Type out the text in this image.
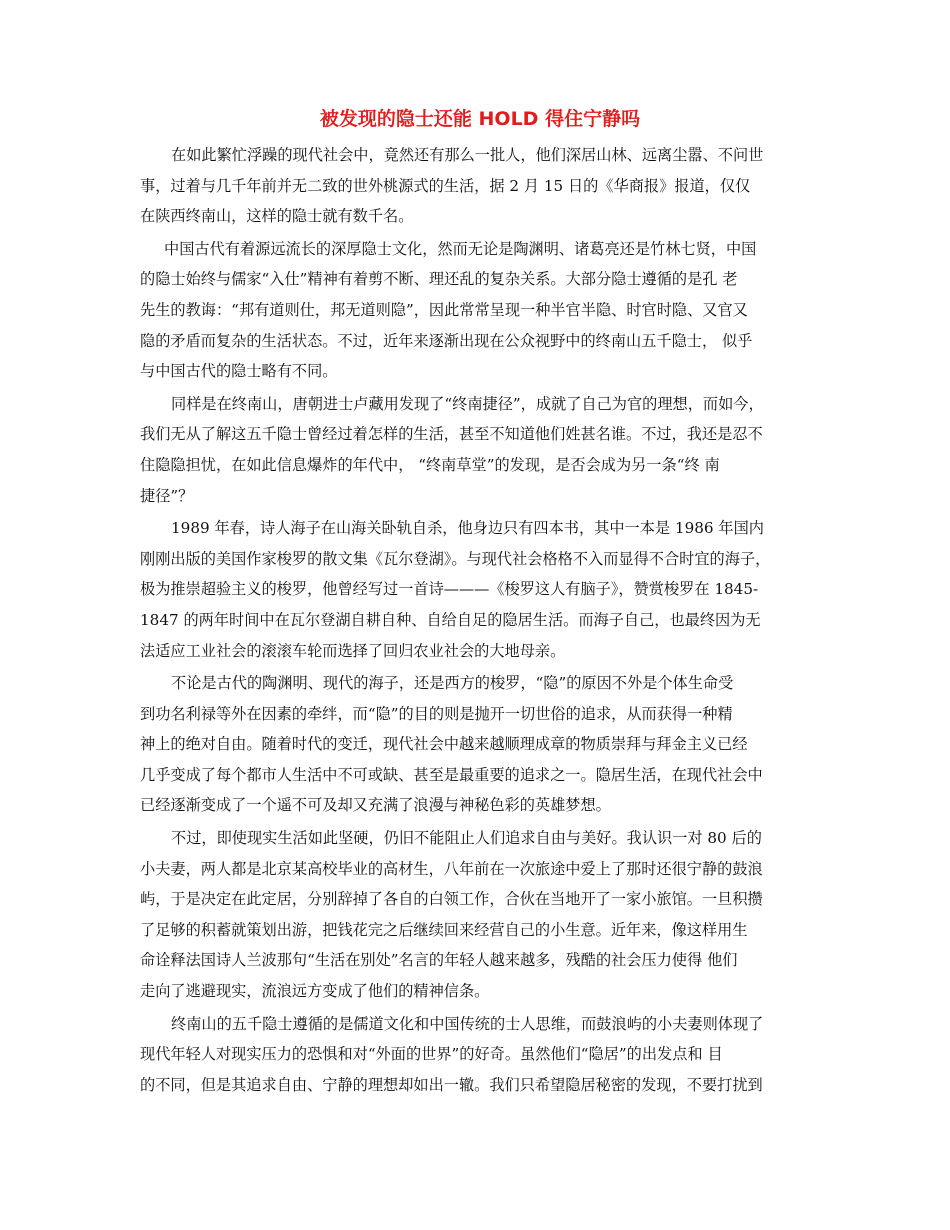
被发现的隐士还能 HOLD 得住宁静吗
在如此繁忙浮躁的现代社会中，竟然还有那么一批人，他们深居山林、远离尘嚣、不问世
事，过着与几千年前并无二致的世外桃源式的生活，据 2 月 15 日的《华商报》报道，仅仅
在陕西终南山，这样的隐士就有数千名。
中国古代有着源远流长的深厚隐士文化，然而无论是陶渊明、诸葛亮还是竹林七贤，中国
的隐士始终与儒家“入仕”精神有着剪不断、理还乱的复杂关系。大部分隐士遵循的是孔 老
先生的教诲：“邦有道则仕，邦无道则隐”，因此常常呈现一种半官半隐、时官时隐、又官又
隐的矛盾而复杂的生活状态。不过，近年来逐渐出现在公众视野中的终南山五千隐士， 似乎
与中国古代的隐士略有不同。
同样是在终南山，唐朝进士卢藏用发现了“终南捷径”，成就了自己为官的理想，而如今，
我们无从了解这五千隐士曾经过着怎样的生活，甚至不知道他们姓甚名谁。不过，我还是忍不
住隐隐担忧，在如此信息爆炸的年代中， “终南草堂”的发现，是否会成为另一条“终 南
捷径”？
1989 年春，诗人海子在山海关卧轨自杀，他身边只有四本书，其中一本是 1986 年国内
刚刚出版的美国作家梭罗的散文集《瓦尔登湖》。与现代社会格格不入而显得不合时宜的海子，
极为推崇超验主义的梭罗，他曾经写过一首诗———《梭罗这人有脑子》，赞赏梭罗在 1845-
1847 的两年时间中在瓦尔登湖自耕自种、自给自足的隐居生活。而海子自己，也最终因为无
法适应工业社会的滚滚车轮而选择了回归农业社会的大地母亲。
不论是古代的陶渊明、现代的海子，还是西方的梭罗，“隐”的原因不外是个体生命受
到功名利禄等外在因素的牵绊，而“隐”的目的则是抛开一切世俗的追求，从而获得一种精
神上的绝对自由。随着时代的变迁，现代社会中越来越顺理成章的物质崇拜与拜金主义已经
几乎变成了每个都市人生活中不可或缺、甚至是最重要的追求之一。隐居生活，在现代社会中
已经逐渐变成了一个遥不可及却又充满了浪漫与神秘色彩的英雄梦想。
不过，即使现实生活如此坚硬，仍旧不能阻止人们追求自由与美好。我认识一对 80 后的
小夫妻，两人都是北京某高校毕业的高材生，八年前在一次旅途中爱上了那时还很宁静的鼓浪
屿，于是决定在此定居，分别辞掉了各自的白领工作，合伙在当地开了一家小旅馆。一旦积攒
了足够的积蓄就策划出游，把钱花完之后继续回来经营自己的小生意。近年来，像这样用生
命诠释法国诗人兰波那句“生活在别处”名言的年轻人越来越多，残酷的社会压力使得 他们
走向了逃避现实，流浪远方变成了他们的精神信条。
终南山的五千隐士遵循的是儒道文化和中国传统的士人思维，而鼓浪屿的小夫妻则体现了
现代年轻人对现实压力的恐惧和对“外面的世界”的好奇。虽然他们“隐居”的出发点和 目
的不同，但是其追求自由、宁静的理想却如出一辙。我们只希望隐居秘密的发现，不要打扰到
